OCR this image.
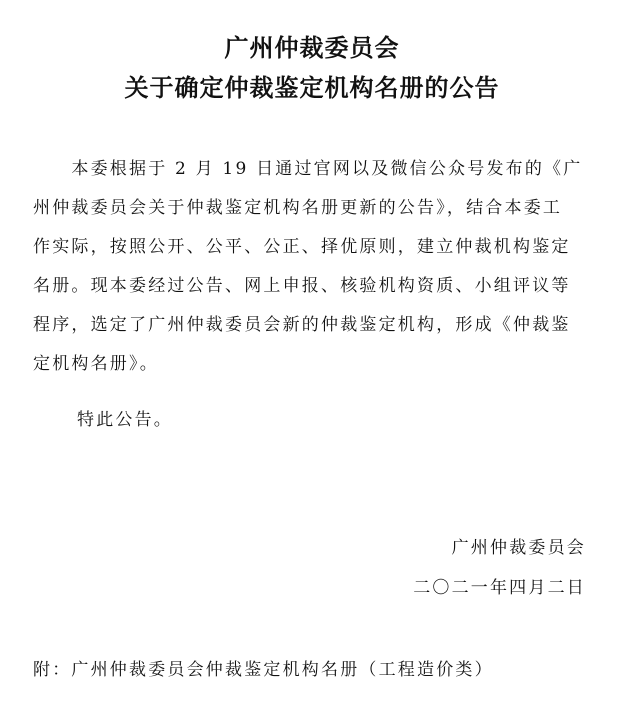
广州仲裁委员会
关于确定仲裁鉴定机构名册的公告
　　本委根据于 2 月 19 日通过官网以及微信公众号发布的《广
州仲裁委员会关于仲裁鉴定机构名册更新的公告》，结合本委工
作实际，按照公开、公平、公正、择优原则，建立仲裁机构鉴定
名册。现本委经过公告、网上申报、核验机构资质、小组评议等
程序，选定了广州仲裁委员会新的仲裁鉴定机构，形成《仲裁鉴
定机构名册》。
特此公告。
广州仲裁委员会
二〇二一年四月二日
附：广州仲裁委员会仲裁鉴定机构名册（工程造价类）
